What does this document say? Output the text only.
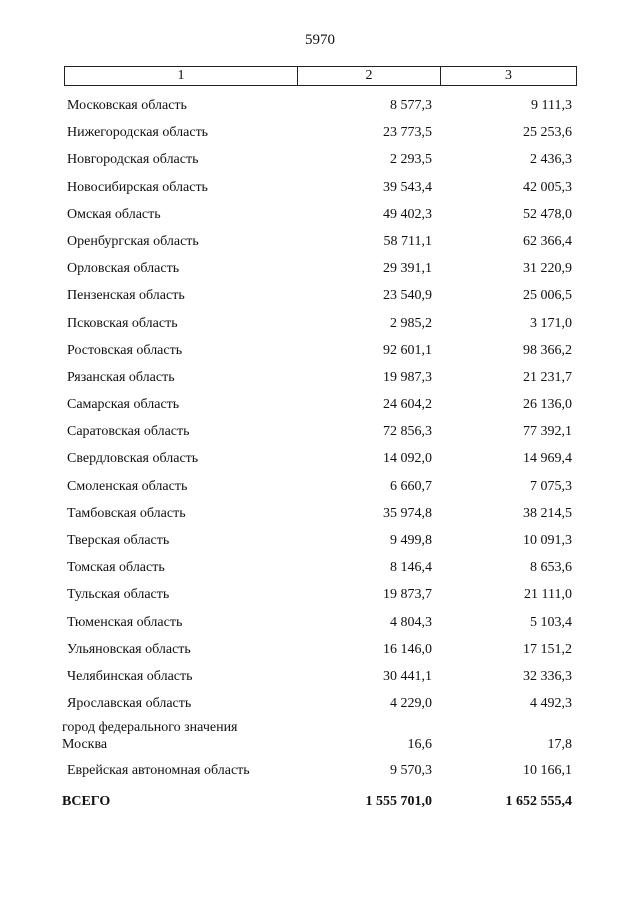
5970
1	2	3
Московская область	8 577,3	9 111,3
Нижегородская область	23 773,5	25 253,6
Новгородская область	2 293,5	2 436,3
Новосибирская область	39 543,4	42 005,3
Омская область	49 402,3	52 478,0
Оренбургская область	58 711,1	62 366,4
Орловская область	29 391,1	31 220,9
Пензенская область	23 540,9	25 006,5
Псковская область	2 985,2	3 171,0
Ростовская область	92 601,1	98 366,2
Рязанская область	19 987,3	21 231,7
Самарская область	24 604,2	26 136,0
Саратовская область	72 856,3	77 392,1
Свердловская область	14 092,0	14 969,4
Смоленская область	6 660,7	7 075,3
Тамбовская область	35 974,8	38 214,5
Тверская область	9 499,8	10 091,3
Томская область	8 146,4	8 653,6
Тульская область	19 873,7	21 111,0
Тюменская область	4 804,3	5 103,4
Ульяновская область	16 146,0	17 151,2
Челябинская область	30 441,1	32 336,3
Ярославская область	4 229,0	4 492,3
город федерального значения
Москва	16,6	17,8
Еврейская автономная область	9 570,3	10 166,1
ВСЕГО	1 555 701,0	1 652 555,4
